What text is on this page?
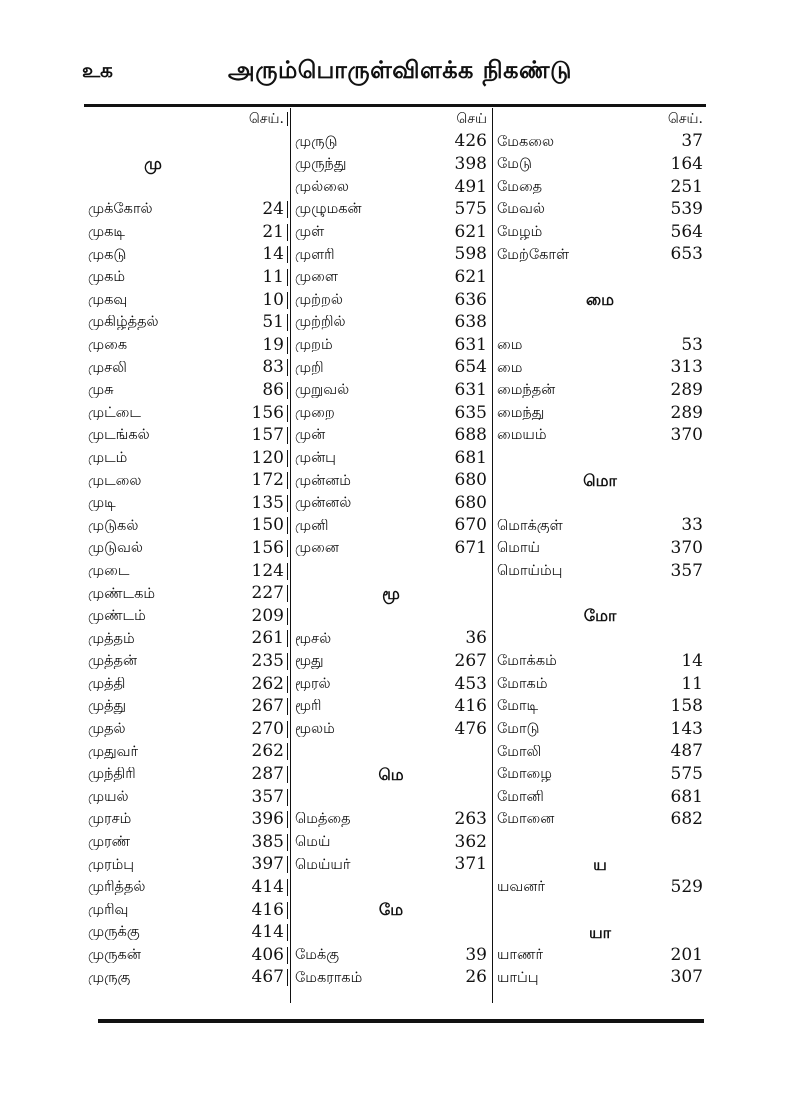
உக	அரும்பொருள்விளக்க நிகண்டு
செய்.
மு
முக்கோல்	24
முகடி	21
முகடு	14
முகம்	11
முகவு	10
முகிழ்த்தல்	51
முகை	19
முசலி	83
முசு	86
முட்டை	156
முடங்கல்	157
முடம்	120
முடலை	172
முடி	135
முடுகல்	150
முடுவல்	156
முடை	124
முண்டகம்	227
முண்டம்	209
முத்தம்	261
முத்தன்	235
முத்தி	262
முத்து	267
முதல்	270
முதுவர்	262
முந்திரி	287
முயல்	357
முரசம்	396
முரண்	385
முரம்பு	397
முரித்தல்	414
முரிவு	416
முருக்கு	414
முருகன்	406
முருகு	467
செய்
முருடு	426
முருந்து	398
முல்லை	491
முழுமகன்	575
முள்	621
முளரி	598
முளை	621
முற்றல்	636
முற்றில்	638
முறம்	631
முறி	654
முறுவல்	631
முறை	635
முன்	688
முன்பு	681
முன்னம்	680
முன்னல்	680
முனி	670
முனை	671
மூ
மூசல்	36
மூது	267
மூரல்	453
மூரி	416
மூலம்	476
மெ
மெத்தை	263
மெய்	362
மெய்யர்	371
மே
மேக்கு	39
மேகராகம்	26
செய்.
மேகலை	37
மேடு	164
மேதை	251
மேவல்	539
மேழம்	564
மேற்கோள்	653
மை
மை	53
மை	313
மைந்தன்	289
மைந்து	289
மையம்	370
மொ
மொக்குள்	33
மொய்	370
மொய்ம்பு	357
மோ
மோக்கம்	14
மோகம்	11
மோடி	158
மோடு	143
மோலி	487
மோழை	575
மோனி	681
மோனை	682
ய
யவனர்	529
யா
யாணர்	201
யாப்பு	307
